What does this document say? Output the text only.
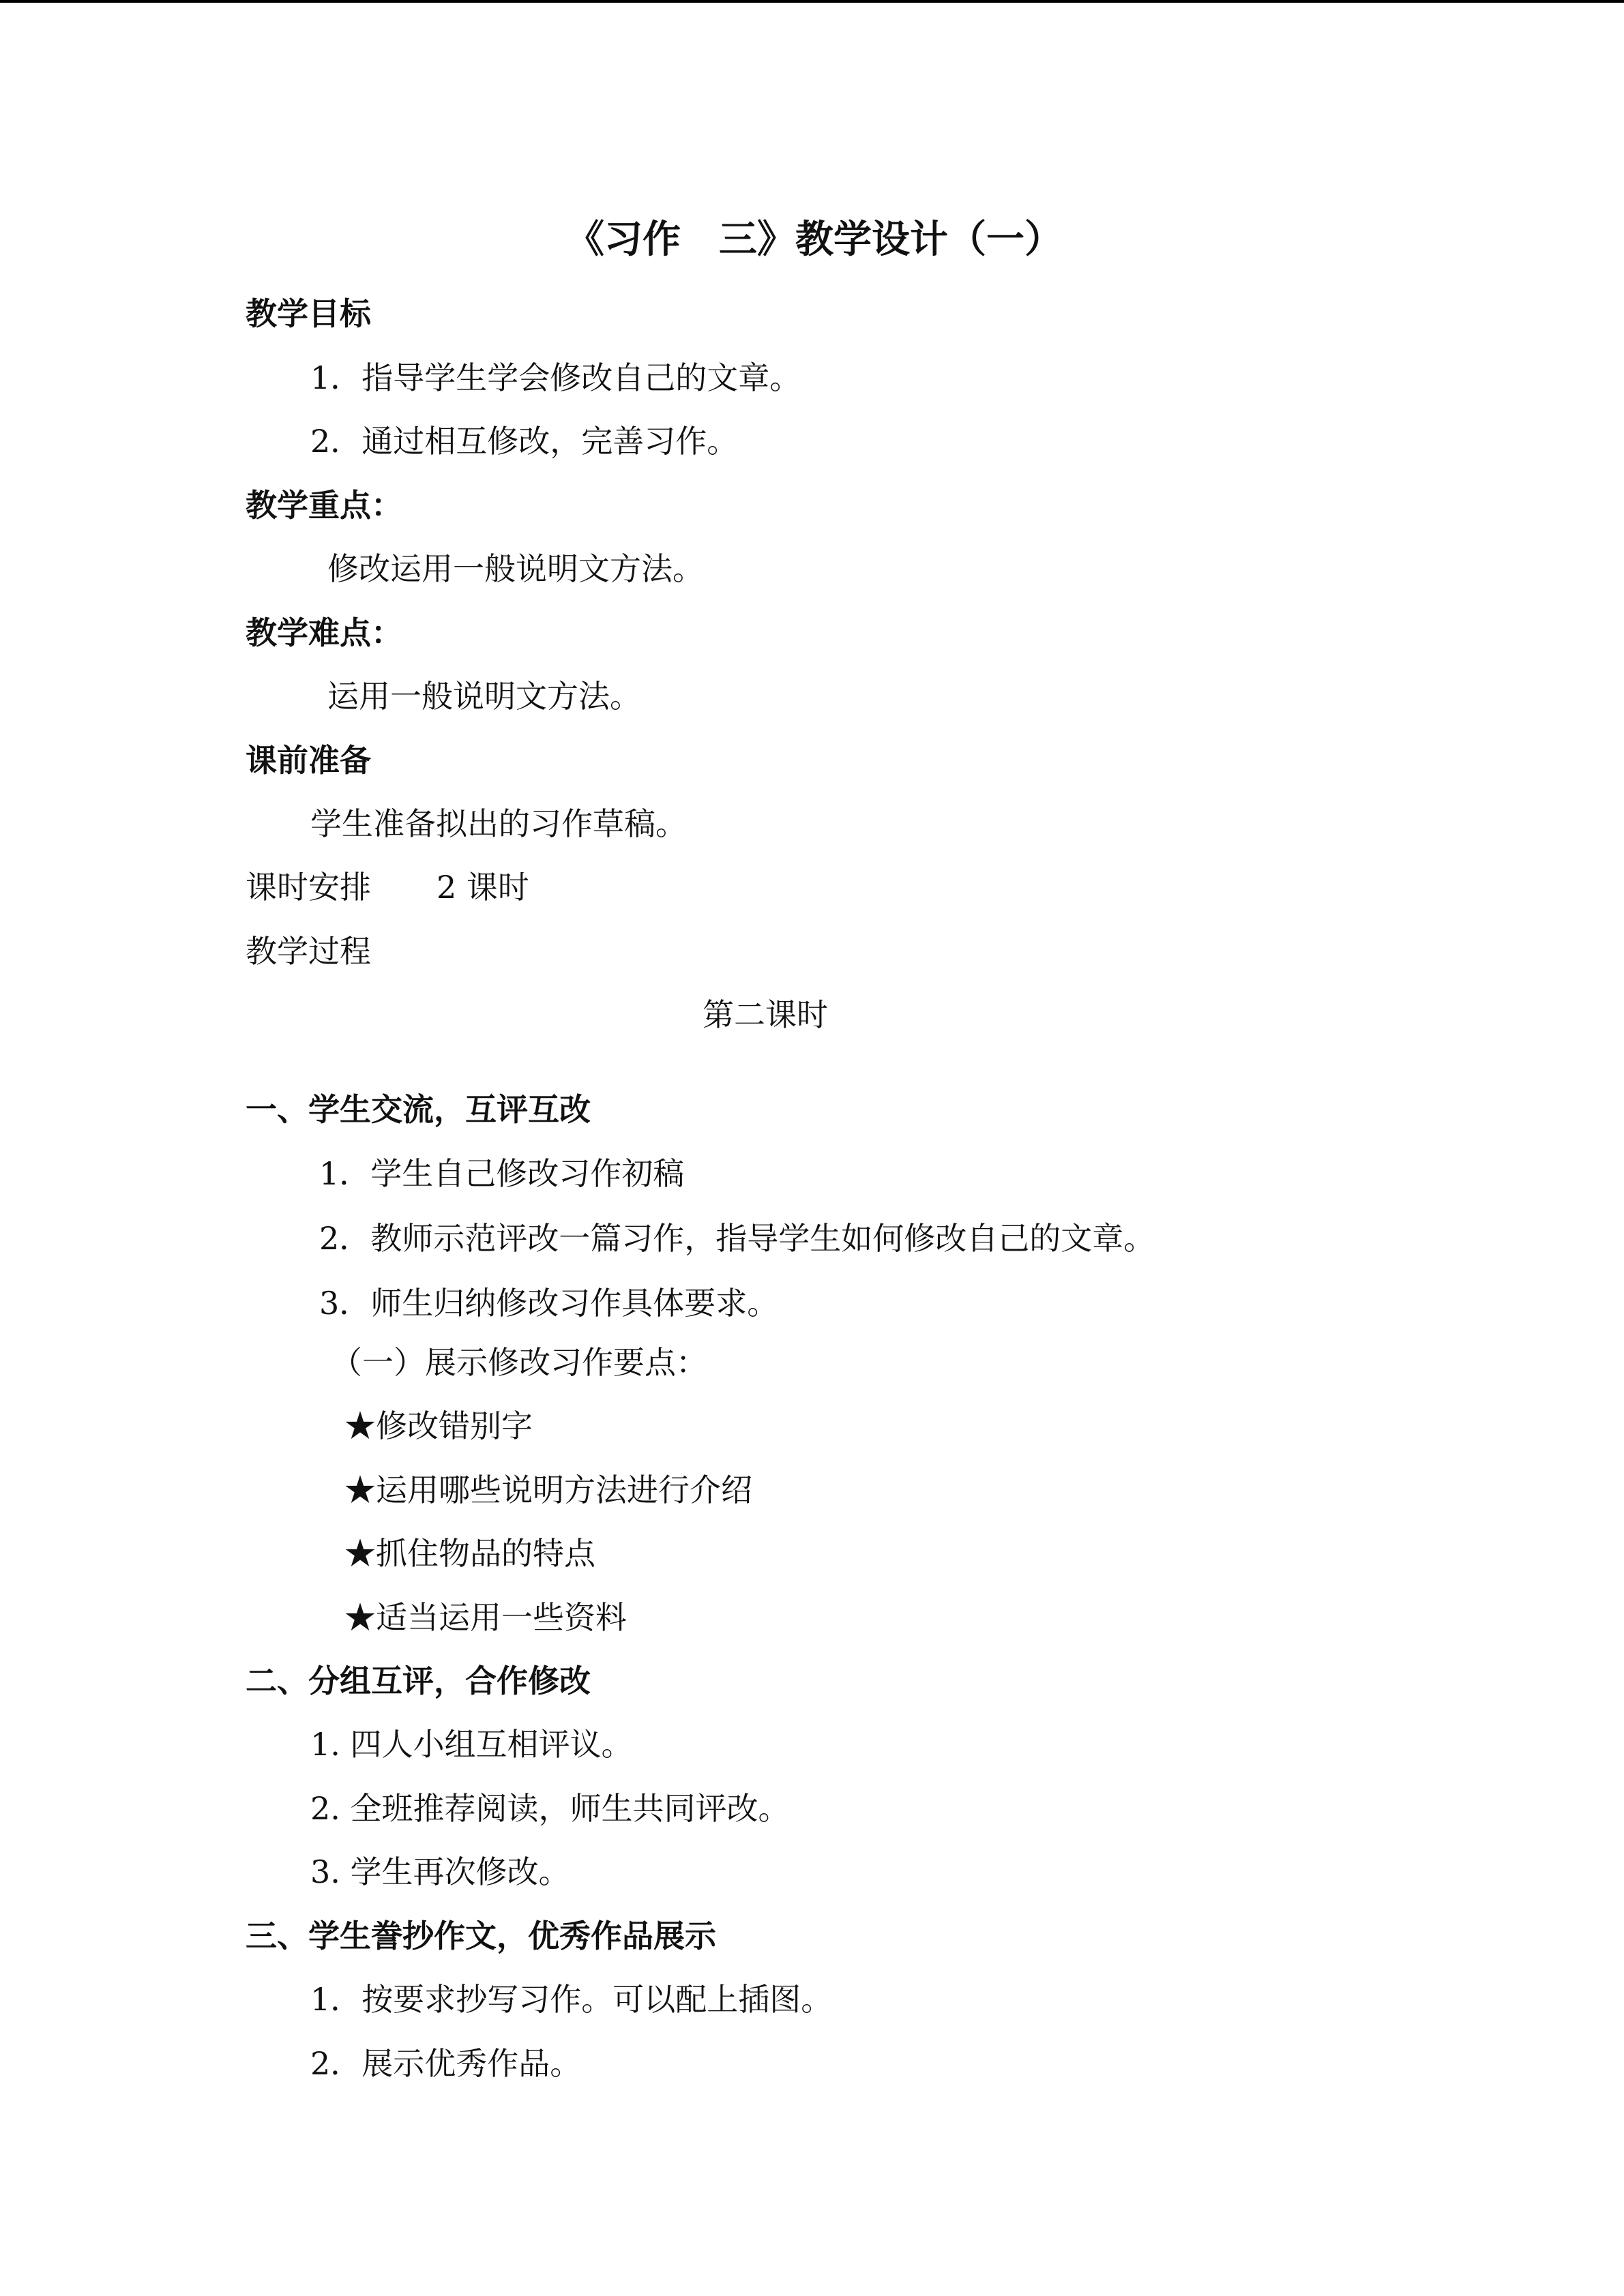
《习作　三》教学设计（一）
教学目标
1．指导学生学会修改自己的文章。
2．通过相互修改，完善习作。
教学重点：
修改运用一般说明文方法。
教学难点：
运用一般说明文方法。
课前准备
学生准备拟出的习作草稿。
课时安排 2 课时
教学过程
第二课时
一、学生交流，互评互改
1．学生自己修改习作初稿
2．教师示范评改一篇习作，指导学生如何修改自己的文章。
3．师生归纳修改习作具体要求。
（一）展示修改习作要点：
★修改错别字
★运用哪些说明方法进行介绍
★抓住物品的特点
★适当运用一些资料
二、分组互评，合作修改
1. 四人小组互相评议。
2. 全班推荐阅读，师生共同评改。
3. 学生再次修改。
三、学生誊抄作文，优秀作品展示
1．按要求抄写习作。可以配上插图。
2．展示优秀作品。
